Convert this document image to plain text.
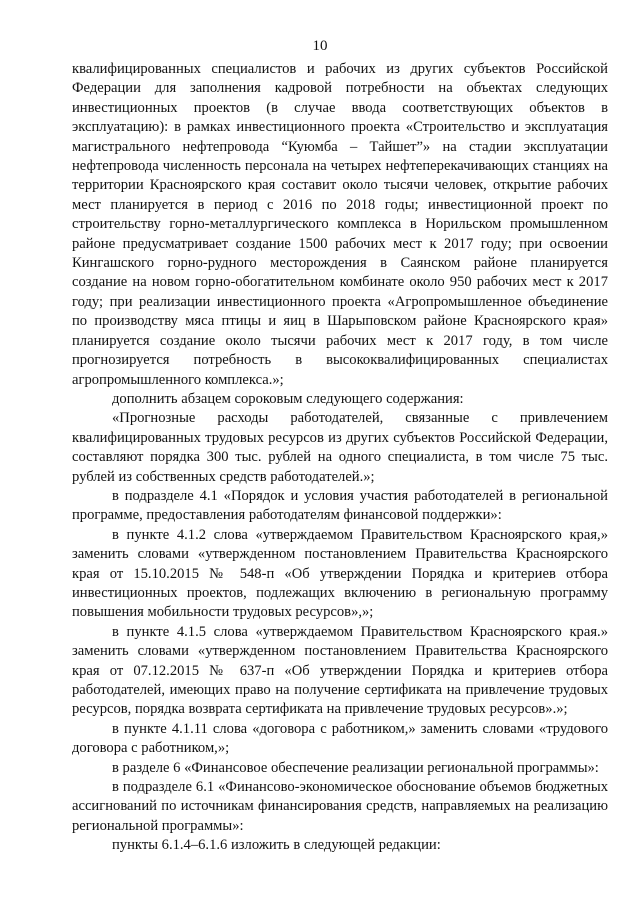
10

квалифицированных специалистов и рабочих из других субъектов Российской Федерации для заполнения кадровой потребности на объектах следующих инвестиционных проектов (в случае ввода соответствующих объектов в эксплуатацию): в рамках инвестиционного проекта «Строительство и эксплуатация магистрального нефтепровода “Куюмба – Тайшет”» на стадии эксплуатации нефтепровода численность персонала на четырех нефтеперекачивающих станциях на территории Красноярского края составит около тысячи человек, открытие рабочих мест планируется в период с 2016 по 2018 годы; инвестиционной проект по строительству горно-металлургического комплекса в Норильском промышленном районе предусматривает создание 1500 рабочих мест к 2017 году; при освоении Кингашского горно-рудного месторождения в Саянском районе планируется создание на новом горно-обогатительном комбинате около 950 рабочих мест к 2017 году; при реализации инвестиционного проекта «Агропромышленное объединение по производству мяса птицы и яиц в Шарыповском районе Красноярского края» планируется создание около тысячи рабочих мест к 2017 году, в том числе прогнозируется потребность в высококвалифицированных специалистах агропромышленного комплекса.»;

дополнить абзацем сороковым следующего содержания:

«Прогнозные расходы работодателей, связанные с привлечением квалифицированных трудовых ресурсов из других субъектов Российской Федерации, составляют порядка 300 тыс. рублей на одного специалиста, в том числе 75 тыс. рублей из собственных средств работодателей.»;

в подразделе 4.1 «Порядок и условия участия работодателей в региональной программе, предоставления работодателям финансовой поддержки»:

в пункте 4.1.2 слова «утверждаемом Правительством Красноярского края,» заменить словами «утвержденном постановлением Правительства Красноярского края от 15.10.2015 № 548-п «Об утверждении Порядка и критериев отбора инвестиционных проектов, подлежащих включению в региональную программу повышения мобильности трудовых ресурсов»,»;

в пункте 4.1.5 слова «утверждаемом Правительством Красноярского края.» заменить словами «утвержденном постановлением Правительства Красноярского края от 07.12.2015 № 637-п «Об утверждении Порядка и критериев отбора работодателей, имеющих право на получение сертификата на привлечение трудовых ресурсов, порядка возврата сертификата на привлечение трудовых ресурсов».»;

в пункте 4.1.11 слова «договора с работником,» заменить словами «трудового договора с работником,»;

в разделе 6 «Финансовое обеспечение реализации региональной программы»:

в подразделе 6.1 «Финансово-экономическое обоснование объемов бюджетных ассигнований по источникам финансирования средств, направляемых на реализацию региональной программы»:

пункты 6.1.4–6.1.6 изложить в следующей редакции:
